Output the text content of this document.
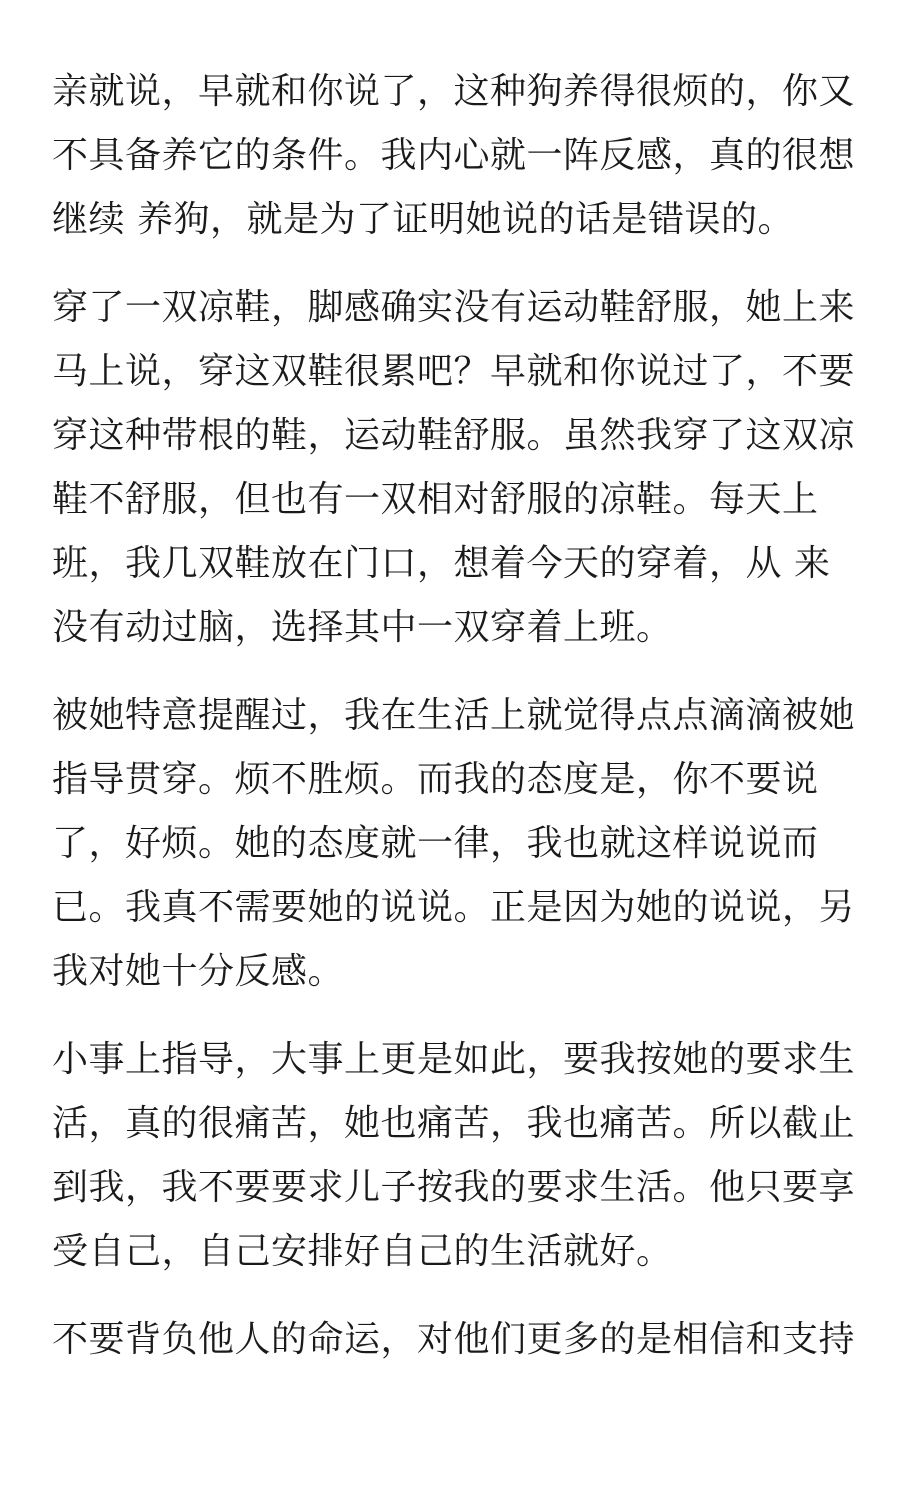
亲就说，早就和你说了，这种狗养得很烦的，你又
不具备养它的条件。我内心就一阵反感，真的很想
继续 养狗，就是为了证明她说的话是错误的。
穿了一双凉鞋，脚感确实没有运动鞋舒服，她上来
马上说，穿这双鞋很累吧？早就和你说过了，不要
穿这种带根的鞋，运动鞋舒服。虽然我穿了这双凉
鞋不舒服，但也有一双相对舒服的凉鞋。每天上
班，我几双鞋放在门口，想着今天的穿着，从 来
没有动过脑，选择其中一双穿着上班。
被她特意提醒过，我在生活上就觉得点点滴滴被她
指导贯穿。烦不胜烦。而我的态度是，你不要说
了，好烦。她的态度就一律，我也就这样说说而
已。我真不需要她的说说。正是因为她的说说，另
我对她十分反感。
小事上指导，大事上更是如此，要我按她的要求生
活，真的很痛苦，她也痛苦，我也痛苦。所以截止
到我，我不要要求儿子按我的要求生活。他只要享
受自己，自己安排好自己的生活就好。
不要背负他人的命运，对他们更多的是相信和支持
